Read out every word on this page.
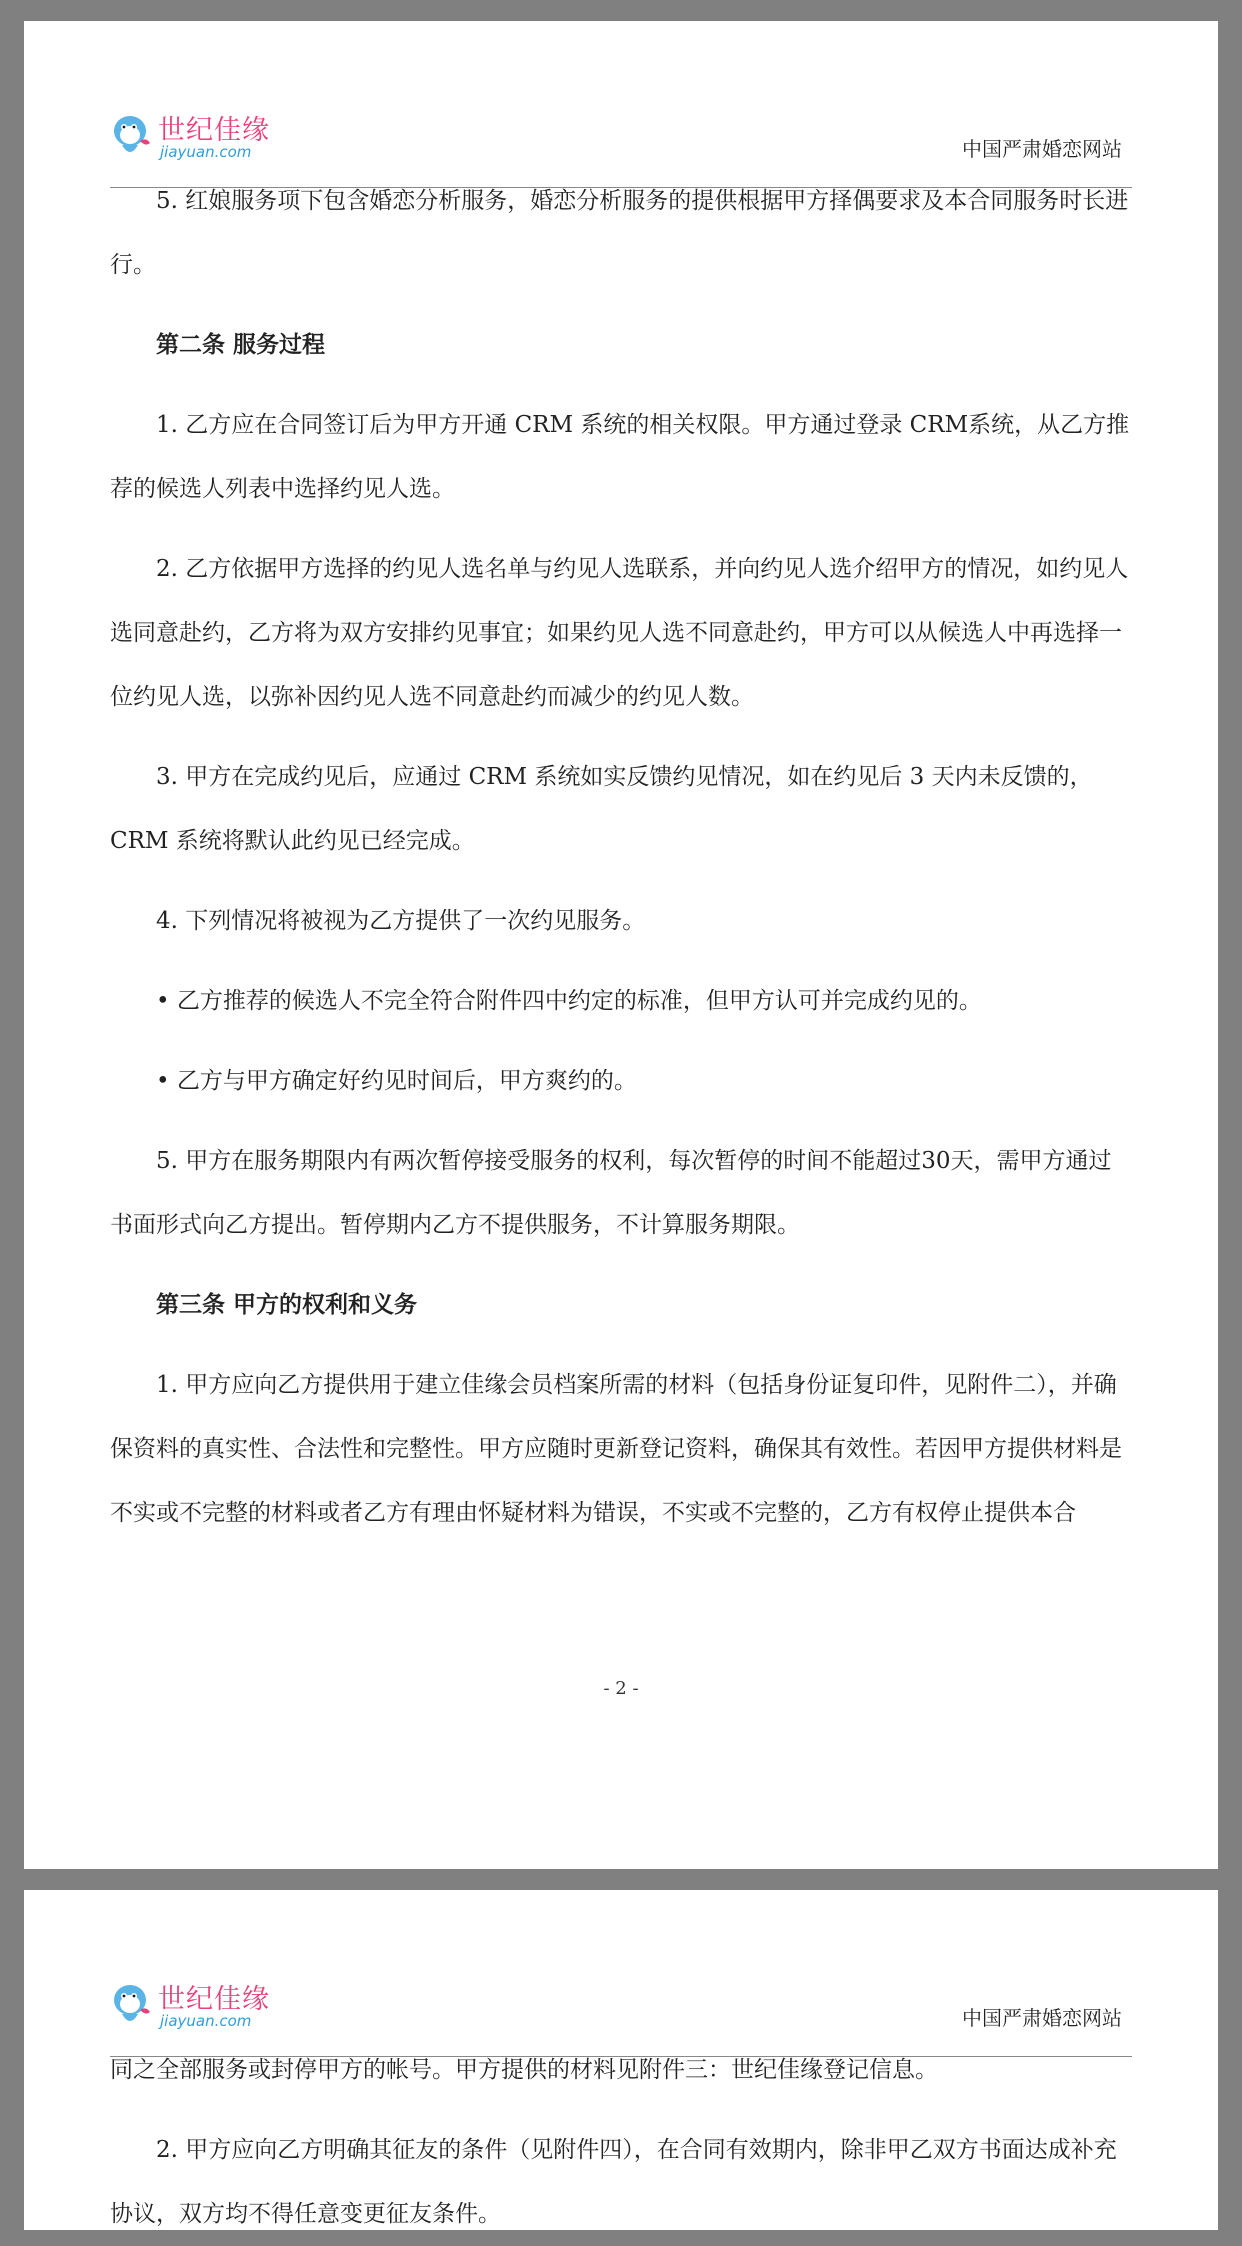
世纪佳缘
jiayuan.com	中国严肃婚恋网站

5. 红娘服务项下包含婚恋分析服务，婚恋分析服务的提供根据甲方择偶要求及本合同服务时长进行。

第二条 服务过程

1. 乙方应在合同签订后为甲方开通 CRM 系统的相关权限。甲方通过登录 CRM系统，从乙方推荐的候选人列表中选择约见人选。

2. 乙方依据甲方选择的约见人选名单与约见人选联系，并向约见人选介绍甲方的情况，如约见人选同意赴约，乙方将为双方安排约见事宜；如果约见人选不同意赴约，甲方可以从候选人中再选择一位约见人选，以弥补因约见人选不同意赴约而减少的约见人数。

3. 甲方在完成约见后，应通过 CRM 系统如实反馈约见情况，如在约见后 3 天内未反馈的，CRM 系统将默认此约见已经完成。

4. 下列情况将被视为乙方提供了一次约见服务。

• 乙方推荐的候选人不完全符合附件四中约定的标准，但甲方认可并完成约见的。

• 乙方与甲方确定好约见时间后，甲方爽约的。

5. 甲方在服务期限内有两次暂停接受服务的权利，每次暂停的时间不能超过30天，需甲方通过书面形式向乙方提出。暂停期内乙方不提供服务，不计算服务期限。

第三条 甲方的权利和义务

1. 甲方应向乙方提供用于建立佳缘会员档案所需的材料（包括身份证复印件，见附件二），并确保资料的真实性、合法性和完整性。甲方应随时更新登记资料，确保其有效性。若因甲方提供材料是不实或不完整的材料或者乙方有理由怀疑材料为错误，不实或不完整的，乙方有权停止提供本合

- 2 -
世纪佳缘
jiayuan.com	中国严肃婚恋网站

同之全部服务或封停甲方的帐号。甲方提供的材料见附件三：世纪佳缘登记信息。

2. 甲方应向乙方明确其征友的条件（见附件四），在合同有效期内，除非甲乙双方书面达成补充协议，双方均不得任意变更征友条件。
